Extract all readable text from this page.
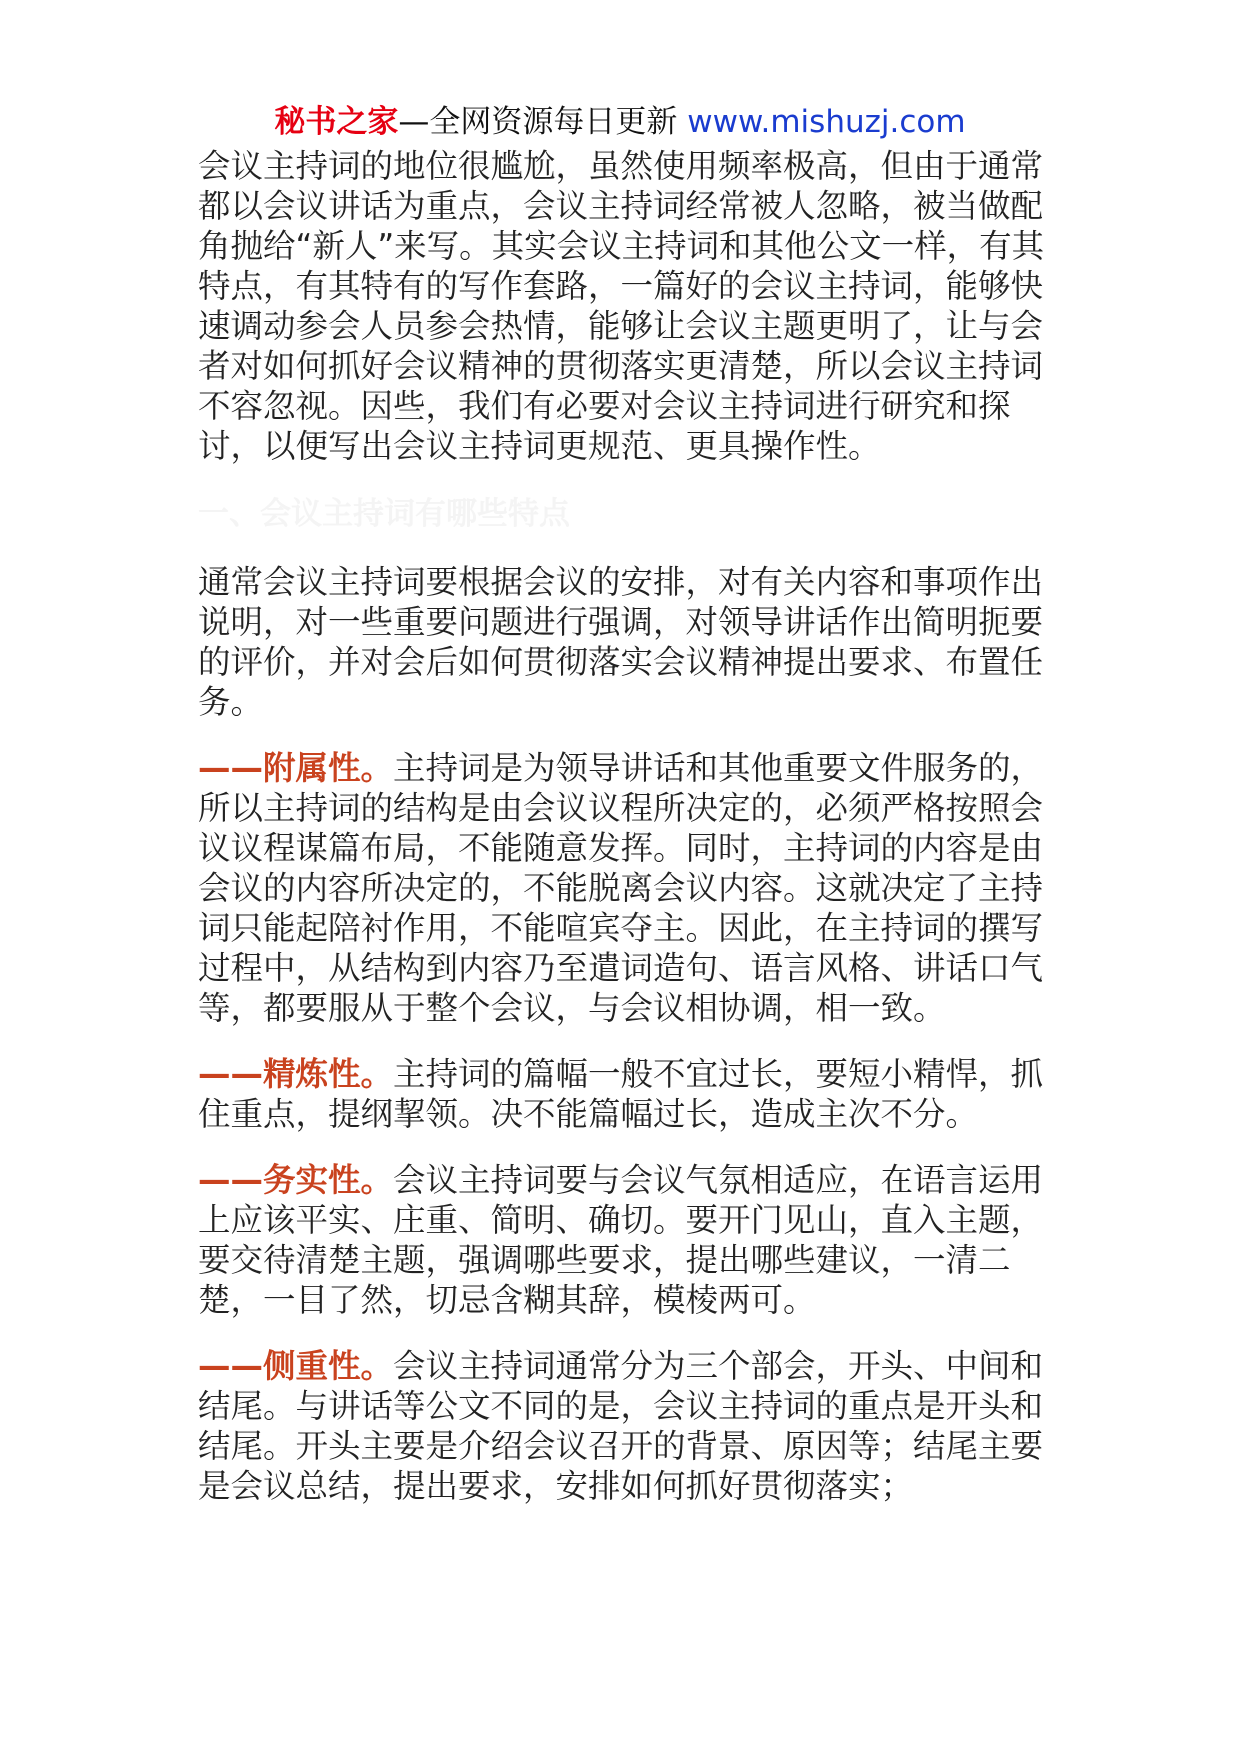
秘书之家—全网资源每日更新 www.mishuzj.com

会议主持词的地位很尴尬，虽然使用频率极高，但由于通常都以会议讲话为重点，会议主持词经常被人忽略，被当做配角抛给“新人”来写。其实会议主持词和其他公文一样，有其特点，有其特有的写作套路，一篇好的会议主持词，能够快速调动参会人员参会热情，能够让会议主题更明了，让与会者对如何抓好会议精神的贯彻落实更清楚，所以会议主持词不容忽视。因些，我们有必要对会议主持词进行研究和探讨，以便写出会议主持词更规范、更具操作性。

一、会议主持词有哪些特点

通常会议主持词要根据会议的安排，对有关内容和事项作出说明，对一些重要问题进行强调，对领导讲话作出简明扼要的评价，并对会后如何贯彻落实会议精神提出要求、布置任务。

——附属性。主持词是为领导讲话和其他重要文件服务的，所以主持词的结构是由会议议程所决定的，必须严格按照会议议程谋篇布局，不能随意发挥。同时，主持词的内容是由会议的内容所决定的，不能脱离会议内容。这就决定了主持词只能起陪衬作用，不能喧宾夺主。因此，在主持词的撰写过程中，从结构到内容乃至遣词造句、语言风格、讲话口气等，都要服从于整个会议，与会议相协调，相一致。

——精炼性。主持词的篇幅一般不宜过长，要短小精悍，抓住重点，提纲挈领。决不能篇幅过长，造成主次不分。

——务实性。会议主持词要与会议气氛相适应，在语言运用上应该平实、庄重、简明、确切。要开门见山，直入主题，要交待清楚主题，强调哪些要求，提出哪些建议，一清二楚，一目了然，切忌含糊其辞，模棱两可。

——侧重性。会议主持词通常分为三个部会，开头、中间和结尾。与讲话等公文不同的是，会议主持词的重点是开头和结尾。开头主要是介绍会议召开的背景、原因等；结尾主要是会议总结，提出要求，安排如何抓好贯彻落实；
